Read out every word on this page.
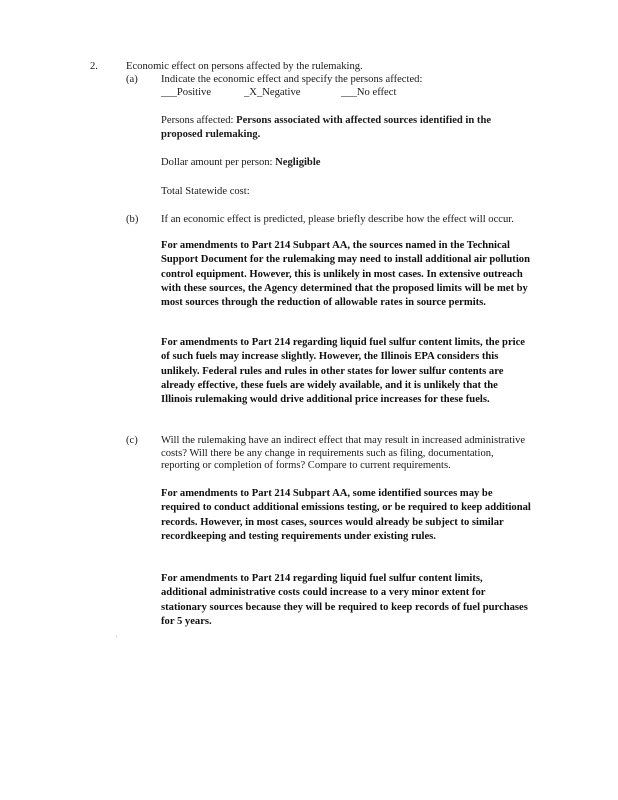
2.	Economic effect on persons affected by the rulemaking.

(a) Indicate the economic effect and specify the persons affected:

___Positive	_X_Negative	___No effect

Persons affected: Persons associated with affected sources identified in the proposed rulemaking.

Dollar amount per person: Negligible

Total Statewide cost:

(b) If an economic effect is predicted, please briefly describe how the effect will occur.

For amendments to Part 214 Subpart AA, the sources named in the Technical Support Document for the rulemaking may need to install additional air pollution control equipment. However, this is unlikely in most cases. In extensive outreach with these sources, the Agency determined that the proposed limits will be met by most sources through the reduction of allowable rates in source permits.

For amendments to Part 214 regarding liquid fuel sulfur content limits, the price of such fuels may increase slightly. However, the Illinois EPA considers this unlikely. Federal rules and rules in other states for lower sulfur contents are already effective, these fuels are widely available, and it is unlikely that the Illinois rulemaking would drive additional price increases for these fuels.

(c) Will the rulemaking have an indirect effect that may result in increased administrative costs? Will there be any change in requirements such as filing, documentation, reporting or completion of forms? Compare to current requirements.

For amendments to Part 214 Subpart AA, some identified sources may be required to conduct additional emissions testing, or be required to keep additional records. However, in most cases, sources would already be subject to similar recordkeeping and testing requirements under existing rules.

For amendments to Part 214 regarding liquid fuel sulfur content limits, additional administrative costs could increase to a very minor extent for stationary sources because they will be required to keep records of fuel purchases for 5 years.
